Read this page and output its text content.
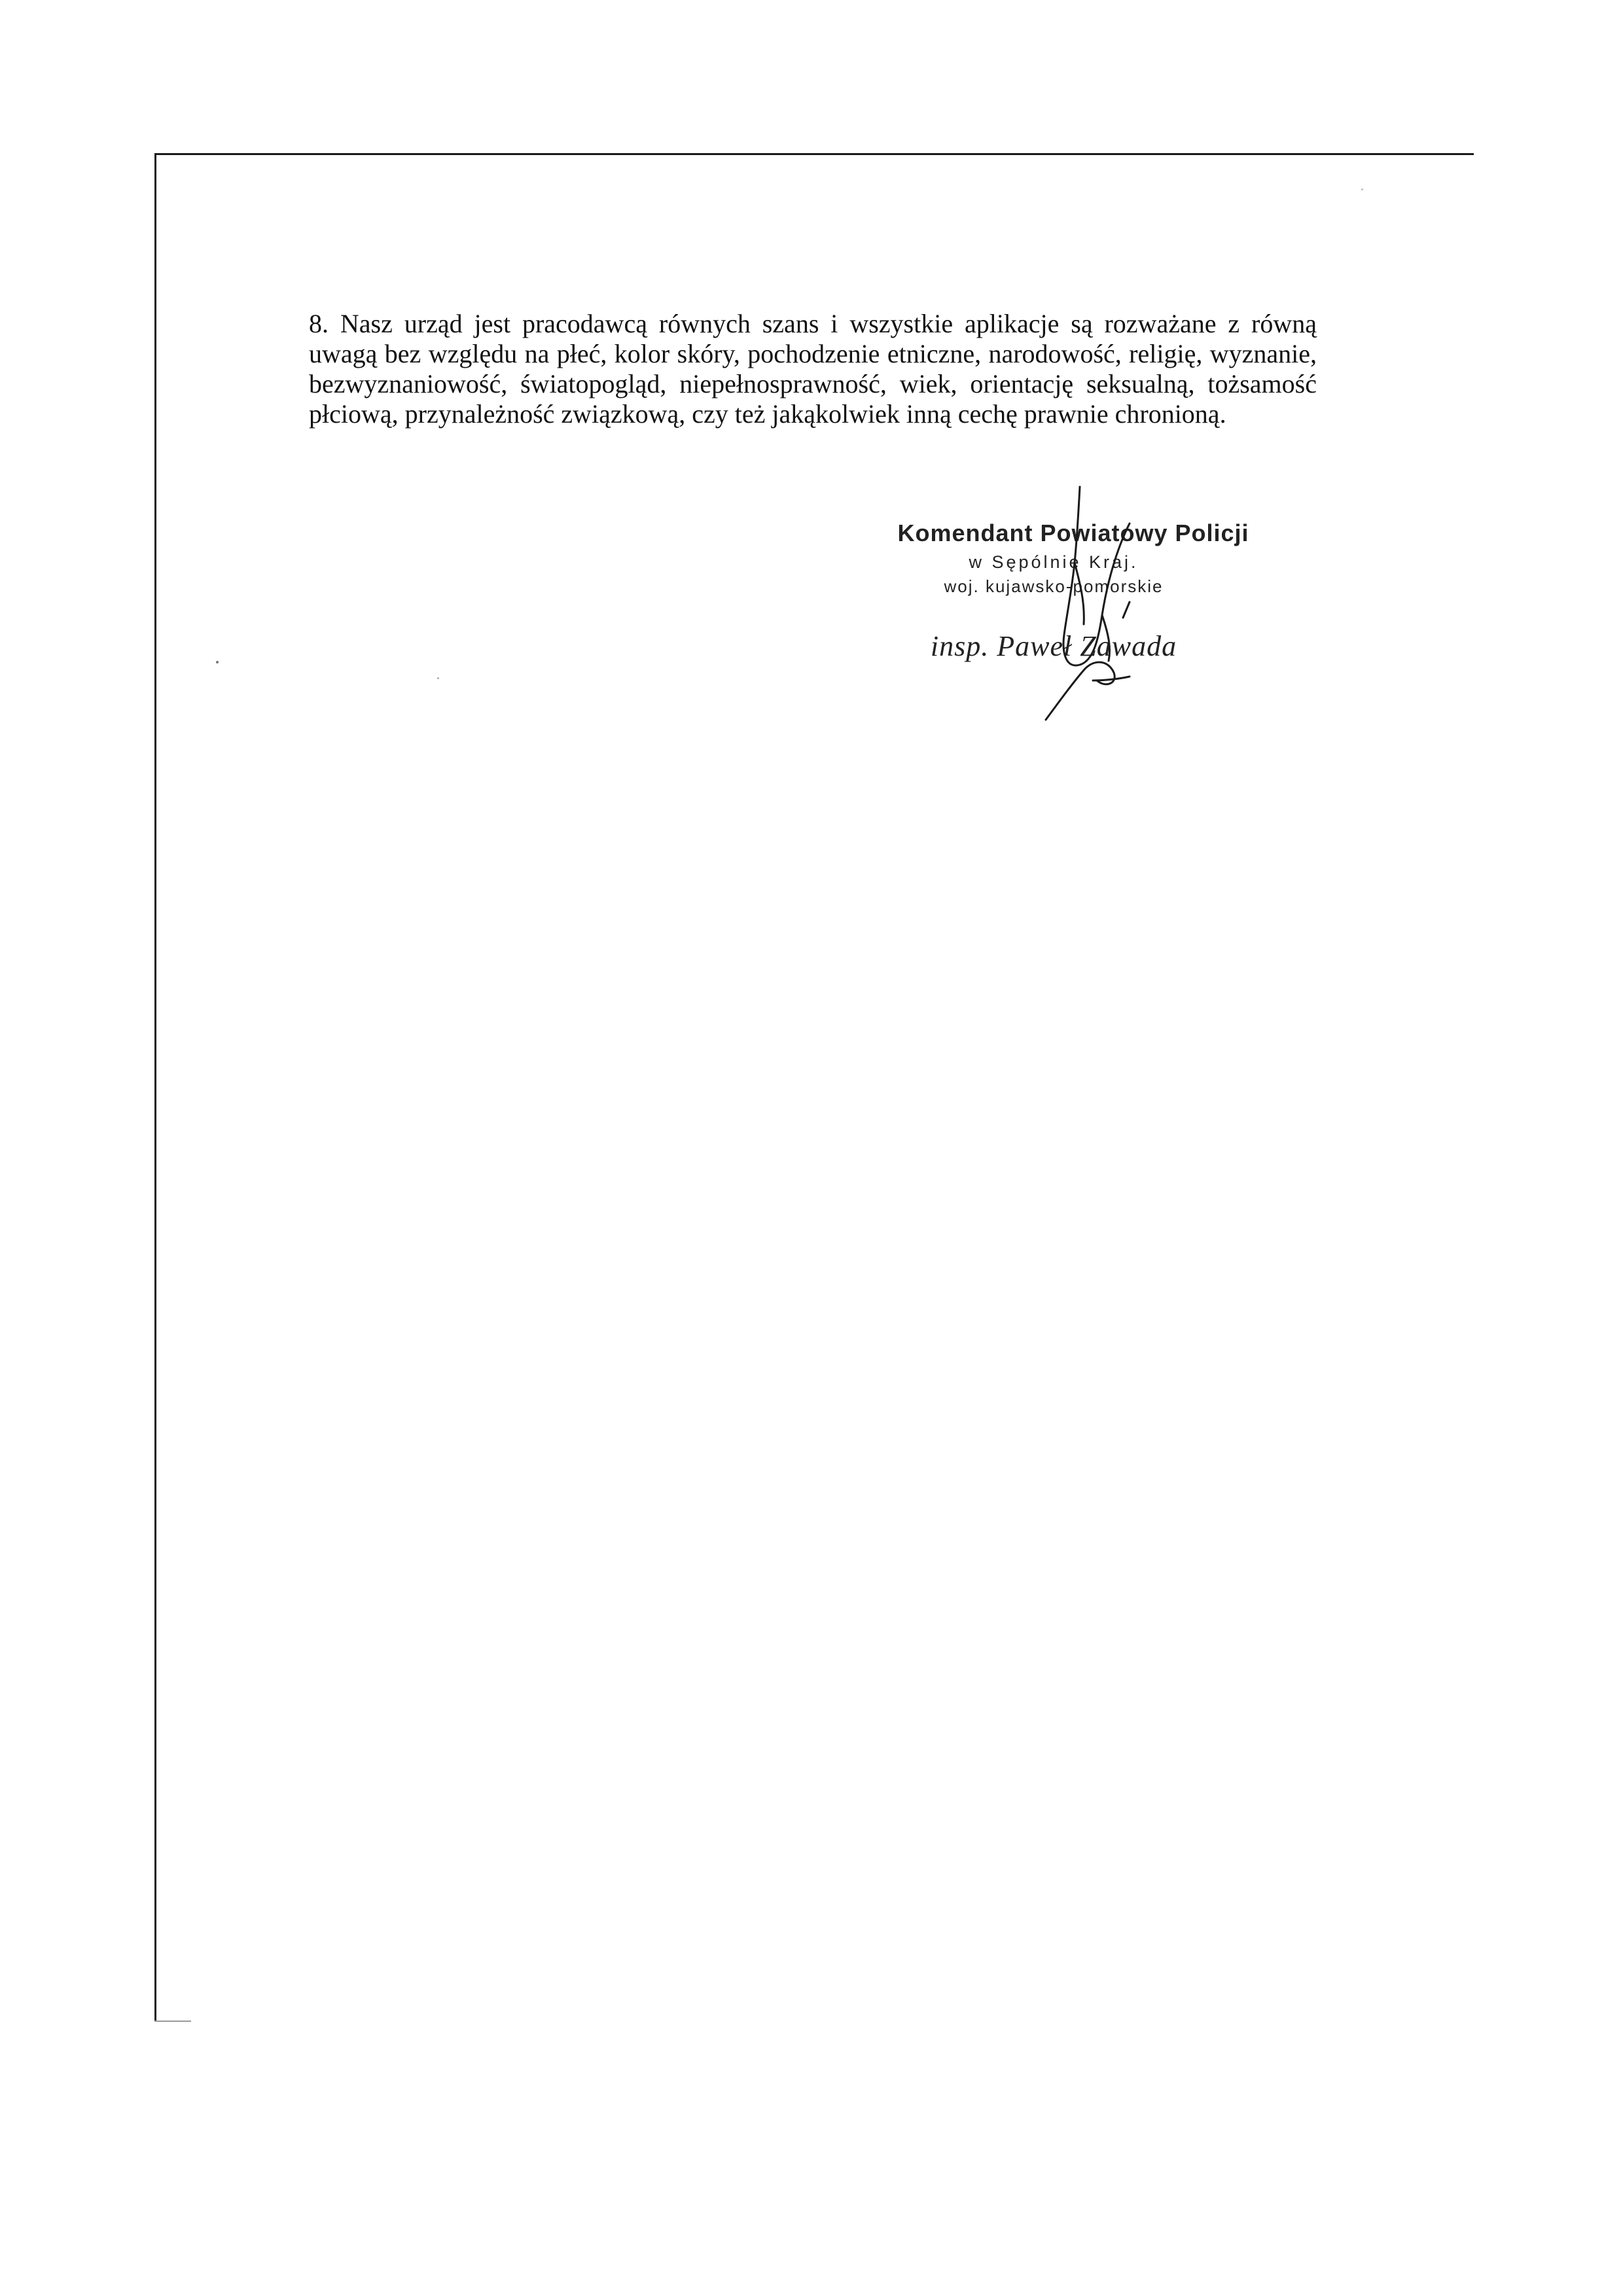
8. Nasz urząd jest pracodawcą równych szans i wszystkie aplikacje są rozważane z równą uwagą bez względu na płeć, kolor skóry, pochodzenie etniczne, narodowość, religię, wyznanie, bezwyznaniowość, światopogląd, niepełnosprawność, wiek, orientację seksualną, tożsamość płciową, przynależność związkową, czy też jakąkolwiek inną cechę prawnie chronioną.

Komendant Powiatowy Policji
w Sępólnie Kraj.
woj. kujawsko-pomorskie
insp. Paweł Zawada
